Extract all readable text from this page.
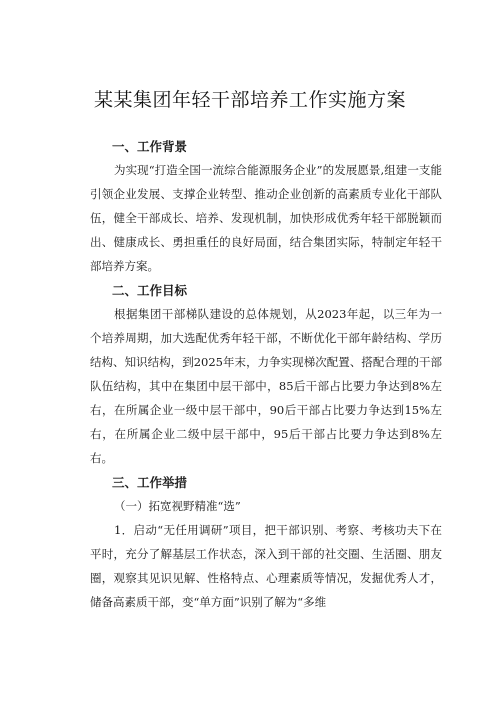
某某集团年轻干部培养工作实施方案
一、工作背景

为实现“打造全国一流综合能源服务企业”的发展愿景,组建一支能引领企业发展、支撑企业转型、推动企业创新的高素质专业化干部队伍，健全干部成长、培养、发现机制，加快形成优秀年轻干部脱颖而出、健康成长、勇担重任的良好局面，结合集团实际，特制定年轻干部培养方案。

二、工作目标

根据集团干部梯队建设的总体规划，从2023年起，以三年为一个培养周期，加大选配优秀年轻干部，不断优化干部年龄结构、学历结构、知识结构，到2025年末，力争实现梯次配置、搭配合理的干部队伍结构，其中在集团中层干部中，85后干部占比要力争达到8%左右，在所属企业一级中层干部中，90后干部占比要力争达到15%左右，在所属企业二级中层干部中，95后干部占比要力争达到8%左右。

三、工作举措
（一）拓宽视野精准“选”

1．启动“无任用调研”项目，把干部识别、考察、考核功夫下在平时，充分了解基层工作状态，深入到干部的社交圈、生活圈、朋友圈，观察其见识见解、性格特点、心理素质等情况，发掘优秀人才，储备高素质干部，变“单方面”识别了解为“多维
